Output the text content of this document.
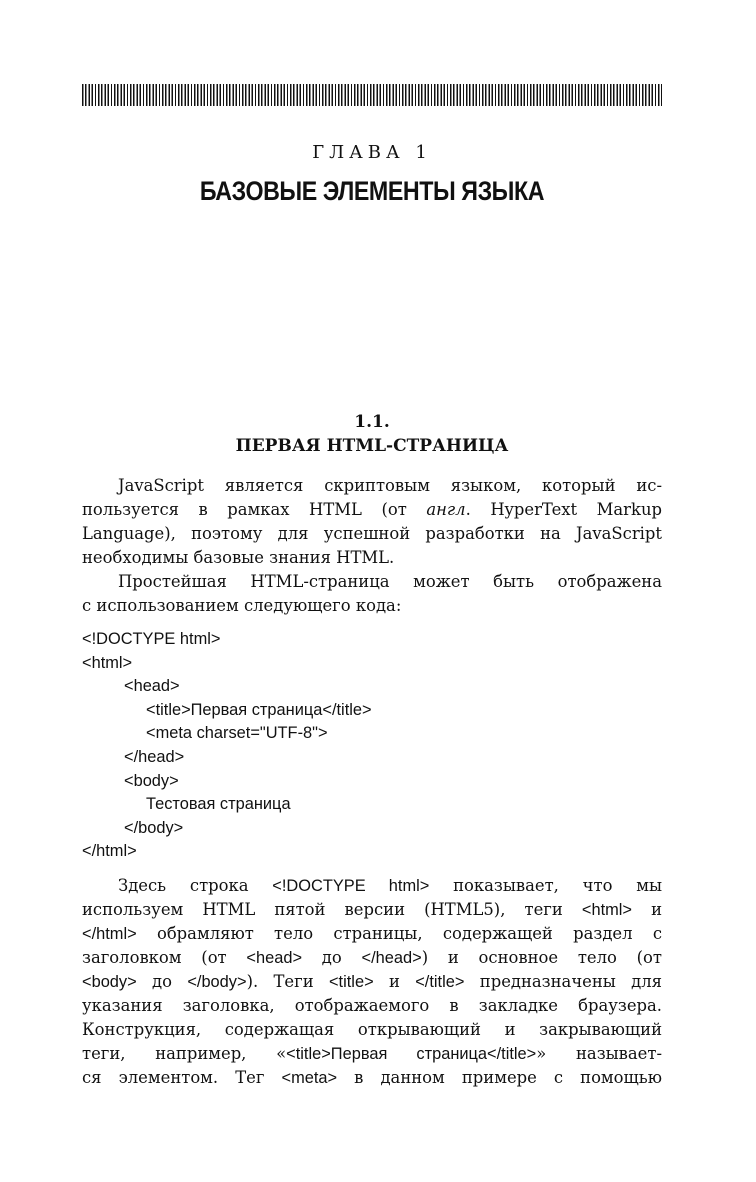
ГЛАВА 1
БАЗОВЫЕ ЭЛЕМЕНТЫ ЯЗЫКА
1.1.
ПЕРВАЯ HTML-СТРАНИЦА
JavaScript является скриптовым языком, который ис-
пользуется в рамках HTML (от англ. HyperText Markup
Language), поэтому для успешной разработки на JavaScript
необходимы базовые знания HTML.
Простейшая HTML-страница может быть отображена
с использованием следующего кода:
<!DOCTYPE html>
<html>
<head>
<title>Первая страница</title>
<meta charset="UTF-8">
</head>
<body>
Тестовая страница
</body>
</html>
Здесь строка <!DOCTYPE html> показывает, что мы
используем HTML пятой версии (HTML5), теги <html> и
</html> обрамляют тело страницы, содержащей раздел с
заголовком (от <head> до </head>) и основное тело (от
<body> до </body>). Теги <title> и </title> предназначены для
указания заголовка, отображаемого в закладке браузера.
Конструкция, содержащая открывающий и закрывающий
теги, например, «<title>Первая страница</title>» называет-
ся элементом. Тег <meta> в данном примере с помощью
